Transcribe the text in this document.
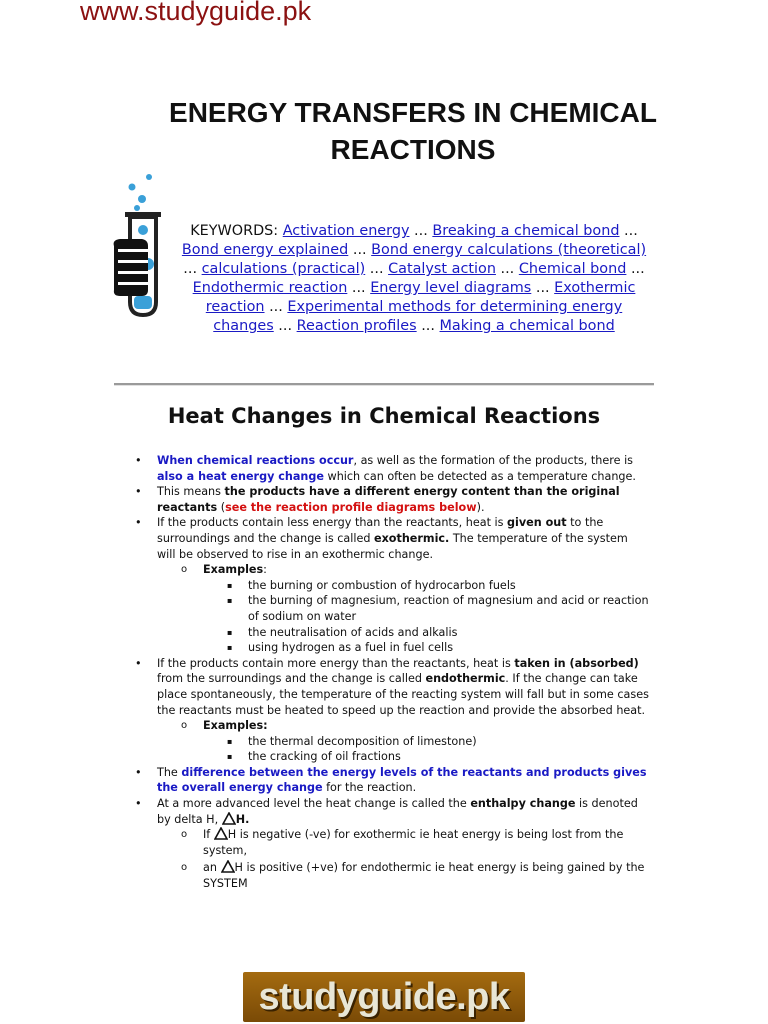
www.studyguide.pk
ENERGY TRANSFERS IN CHEMICAL
REACTIONS
KEYWORDS: Activation energy ... Breaking a chemical bond ... Bond energy explained ... Bond energy calculations (theoretical) ... calculations (practical) ... Catalyst action ... Chemical bond ... Endothermic reaction ... Energy level diagrams ... Exothermic reaction ... Experimental methods for determining energy changes ... Reaction profiles ... Making a chemical bond
Heat Changes in Chemical Reactions

• When chemical reactions occur, as well as the formation of the products, there is also a heat energy change which can often be detected as a temperature change.

• This means the products have a different energy content than the original reactants (see the reaction profile diagrams below).

• If the products contain less energy than the reactants, heat is given out to the surroundings and the change is called exothermic. The temperature of the system will be observed to rise in an exothermic change.

o Examples:

▪ the burning or combustion of hydrocarbon fuels

▪ the burning of magnesium, reaction of magnesium and acid or reaction of sodium on water

▪ the neutralisation of acids and alkalis

▪ using hydrogen as a fuel in fuel cells

• If the products contain more energy than the reactants, heat is taken in (absorbed) from the surroundings and the change is called endothermic. If the change can take place spontaneously, the temperature of the reacting system will fall but in some cases the reactants must be heated to speed up the reaction and provide the absorbed heat.

o Examples:

▪ the thermal decomposition of limestone)

▪ the cracking of oil fractions

• The difference between the energy levels of the reactants and products gives the overall energy change for the reaction.

• At a more advanced level the heat change is called the enthalpy change is denoted by delta H, H.

o If H is negative (-ve) for exothermic ie heat energy is being lost from the system,

o an H is positive (+ve) for endothermic ie heat energy is being gained by the SYSTEM

studyguide.pk
